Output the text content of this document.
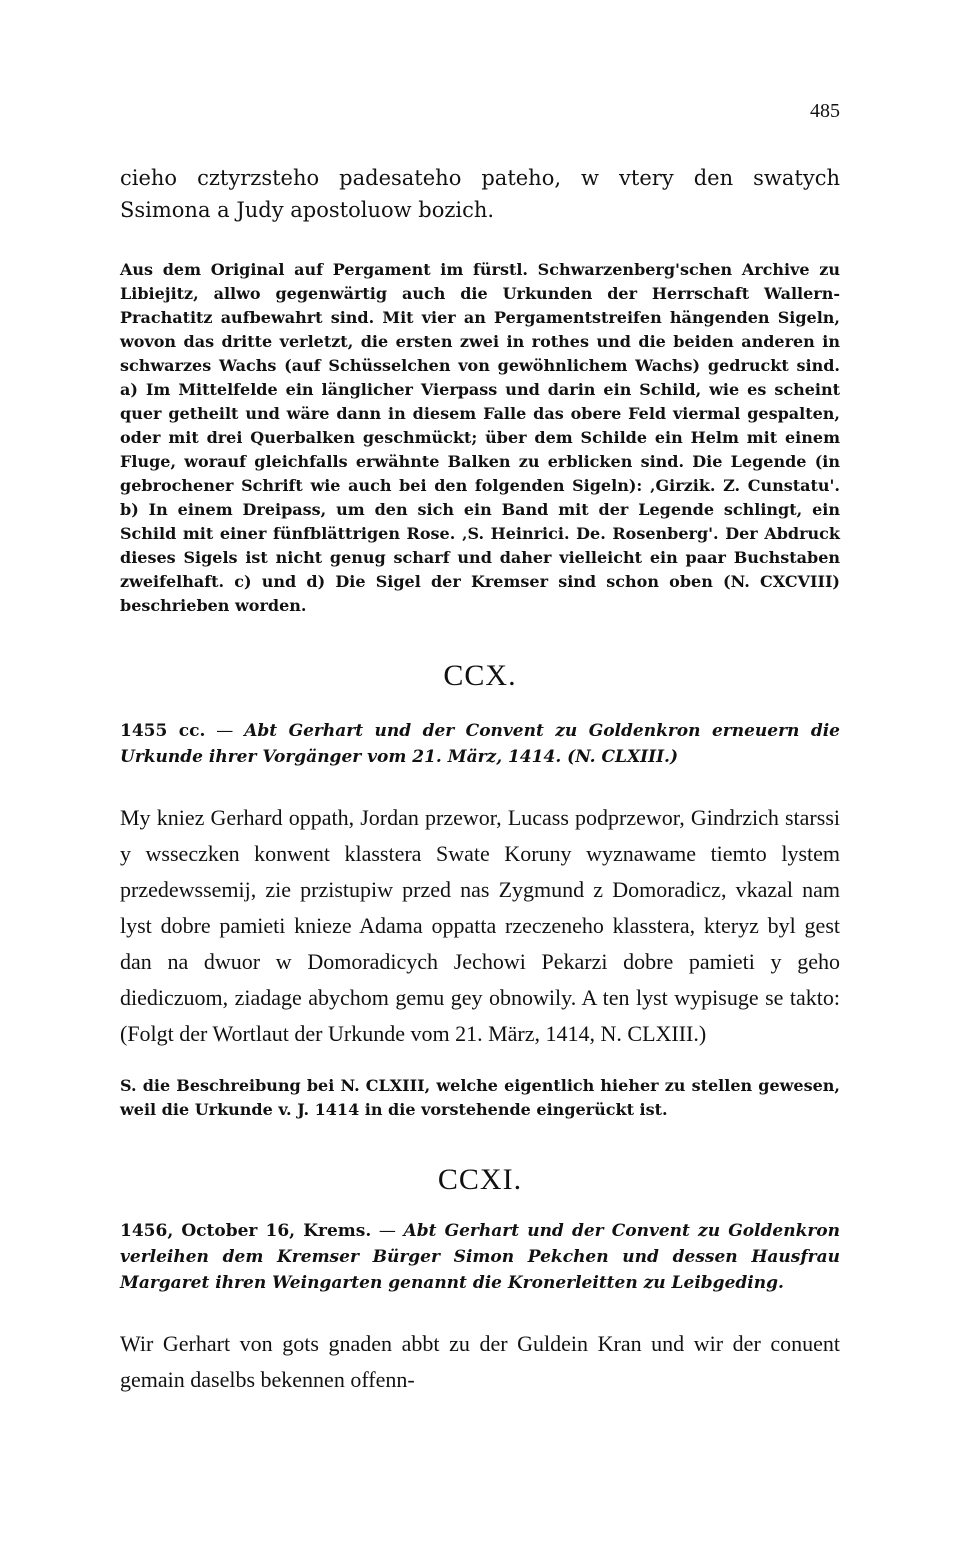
485

cieho cztyrzsteho padesateho pateho, w vtery den swatych Ssimona a Judy apostoluow bozich.

Aus dem Original auf Pergament im fürstl. Schwarzenberg'schen Archive zu Libiejitz, allwo gegenwärtig auch die Urkunden der Herrschaft Wallern-Prachatitz aufbewahrt sind. Mit vier an Pergamentstreifen hängenden Sigeln, wovon das dritte verletzt, die ersten zwei in rothes und die beiden anderen in schwarzes Wachs (auf Schüsselchen von gewöhnlichem Wachs) gedruckt sind. a) Im Mittelfelde ein länglicher Vierpass und darin ein Schild, wie es scheint quer getheilt und wäre dann in diesem Falle das obere Feld viermal gespalten, oder mit drei Querbalken geschmückt; über dem Schilde ein Helm mit einem Fluge, worauf gleichfalls erwähnte Balken zu erblicken sind. Die Legende (in gebrochener Schrift wie auch bei den folgenden Sigeln): ‚Girzik. Z. Cunstatu'. b) In einem Dreipass, um den sich ein Band mit der Legende schlingt, ein Schild mit einer fünfblättrigen Rose. ‚S. Heinrici. De. Rosenberg'. Der Abdruck dieses Sigels ist nicht genug scharf und daher vielleicht ein paar Buchstaben zweifelhaft. c) und d) Die Sigel der Kremser sind schon oben (N. CXCVIII) beschrieben worden.

CCX.

1455 cc. — Abt Gerhart und der Convent zu Goldenkron erneuern die Urkunde ihrer Vorgänger vom 21. März, 1414. (N. CLXIII.)

My kniez Gerhard oppath, Jordan przewor, Lucass podprzewor, Gindrzich starssi y wsseczken konwent klasstera Swate Koruny wyznawame tiemto lystem przedewssemij, zie przistupiw przed nas Zygmund z Domoradicz, vkazal nam lyst dobre pamieti knieze Adama oppatta rzeczeneho klasstera, kteryz byl gest dan na dwuor w Domoradicych Jechowi Pekarzi dobre pamieti y geho diediczuom, ziadage abychom gemu gey obnowily. A ten lyst wypisuge se takto: (Folgt der Wortlaut der Urkunde vom 21. März, 1414, N. CLXIII.)

S. die Beschreibung bei N. CLXIII, welche eigentlich hieher zu stellen gewesen, weil die Urkunde v. J. 1414 in die vorstehende eingerückt ist.

CCXI.

1456, October 16, Krems. — Abt Gerhart und der Convent zu Goldenkron verleihen dem Kremser Bürger Simon Pekchen und dessen Hausfrau Margaret ihren Weingarten genannt die Kronerleitten zu Leibgeding.

Wir Gerhart von gots gnaden abbt zu der Guldein Kran und wir der conuent gemain daselbs bekennen offenn-
